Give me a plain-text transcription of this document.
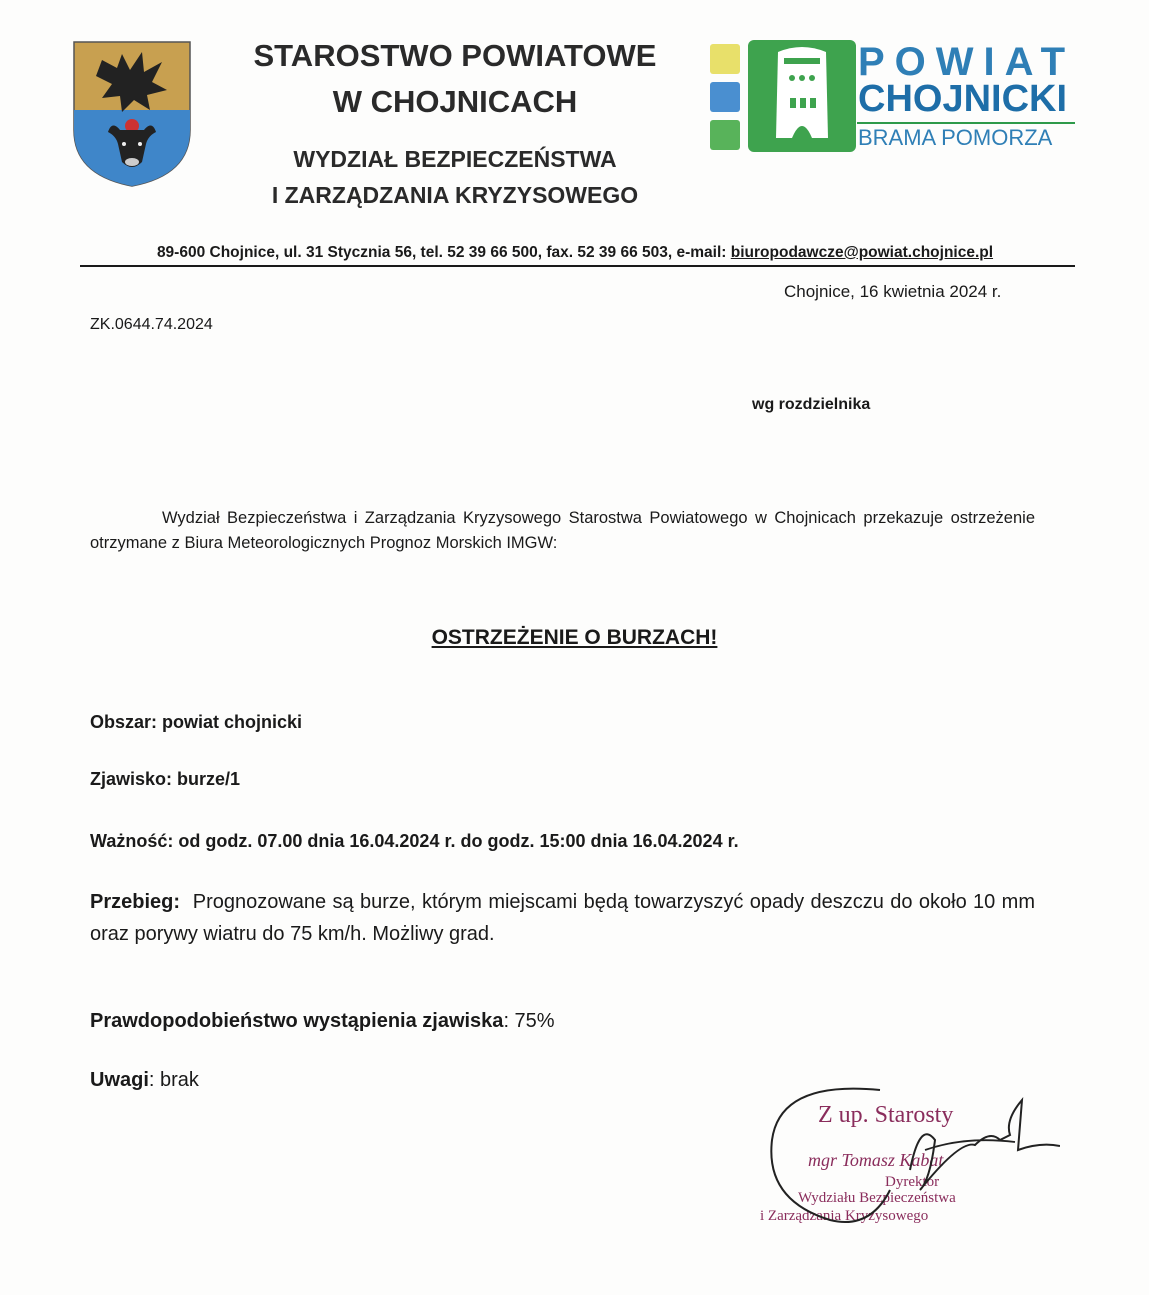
STAROSTWO POWIATOWE
W CHOJNICACH
WYDZIAŁ BEZPIECZEŃSTWA
I ZARZĄDZANIA KRYZYSOWEGO
POWIAT
CHOJNICKI
BRAMA POMORZA
89-600 Chojnice, ul. 31 Stycznia 56, tel. 52 39 66 500, fax. 52 39 66 503, e-mail: biuropodawcze@powiat.chojnice.pl
Chojnice, 16 kwietnia 2024 r.
ZK.0644.74.2024
wg rozdzielnika
Wydział Bezpieczeństwa i Zarządzania Kryzysowego Starostwa Powiatowego w Chojnicach przekazuje ostrzeżenie otrzymane z Biura Meteorologicznych Prognoz Morskich IMGW:
OSTRZEŻENIE O BURZACH!
Obszar: powiat chojnicki
Zjawisko: burze/1
Ważność: od godz. 07.00 dnia 16.04.2024 r. do godz. 15:00 dnia 16.04.2024 r.
Przebieg: Prognozowane są burze, którym miejscami będą towarzyszyć opady deszczu do około 10 mm oraz porywy wiatru do 75 km/h. Możliwy grad.
Prawdopodobieństwo wystąpienia zjawiska: 75%
Uwagi: brak
Z up. Starosty
mgr Tomasz Kabat
Dyrektor
Wydziału Bezpieczeństwa
i Zarządzania Kryzysowego
